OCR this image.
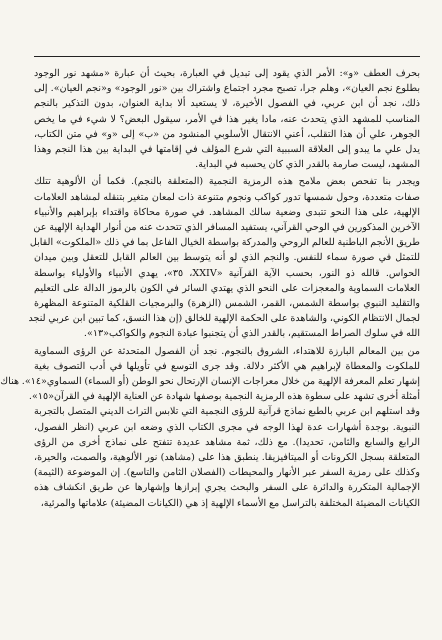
بحرف العطف «و»: الأمر الذي يقود إلى تبديل في العبارة، بحيث أن عبارة «مشهد نور الوجود
بطلوع نجم العيان»، وهلم جرا، تصبح مجرد اجتماع واشتراك بين «نور الوجود» و«نجم العيان». إلى
ذلك، نجد أن ابن عربي، في الفصول الأخيرة، لا يستعيد ألا بداية العنوان، بدون التذكير بالنجم
المناسب للمشهد الذي يتحدث عنه، مادا يغير هذا في الأمر، سيقول البعض؟ لا شيء في ما يخص
الجوهر، علي أن هذا التقلب، أعني الانتقال الأسلوبي المنشود من «ب» إلى «و» في متن الكتاب،
يدل علي ما يبدو إلى العلاقة السببية التي شرع المؤلف في إقامتها في البداية بين هذا النجم وهذا
المشهد، ليست صارمة بالقدر الذي كان يحسبه في البداية.
ويجدر بنا تفحص بعض ملامح هذه الرمزية النجمية (المتعلقة بالنجم). فكما أن الألوهية تتلك
صفات متعددة، وحول شمسها تدور كواكب ونجوم متنوعة ذات لمعان متغير بتنقله لمشاهد العلامات
الإلهية، على هذا النحو تتبدى وضعية سالك المشاهد. في صورة محاكاة واقتداء بإبراهيم والأنبياء
الآخرين المذكورين في الوحي القرآني، يستفيد المسافر الذي تتحدث عنه من أنوار الهداية الإلهية عن
طريق الأنجم الباطنية للعالم الروحي والمدركة بواسطة الخيال الفاعل بما في ذلك «الملكوت» القابل
للتمثل في صورة سماء للنفس. والنجم الذي لو أنه يتوسط بين العالم القابل للتعقل وبين ميدان
الحواس. قالله ذو النور، بحسب الآية القرآنية «XXIV، ٣٥»، يهدي الأنبياء والأولياء بواسطة
العلامات السماوية والمعجزات على النحو الذي يهتدي السائر في الكون بالرموز الدالة على التعليم
والتقليد النبوي بواسطة الشمس، القمر، الشمس (الزهرة) والبرمجيات القلكية المتنوعة المظهرة
لجمال الانتظام الكوني، والشاهدة على الحكمة الإلهية للخالق (إن هذا النسق، كما تبين ابن عربي لنجد
الله في سلوك الصراط المستقيم، بالقدر الذي أن يتجنبوا عبادة النجوم والكواكب«١٣».
من بين المعالم البارزة للاهتداء، الشروق بالنجوم. نجد أن الفصول المتحدثة عن الرؤى السماوية
للملكوت والمعطاة لإبراهيم هي الأكثر دلالة. وقد جرى التوسع في تأويلها في أدب التصوف بغية
إشهار تعلم المعرفة الإلهية من خلال معراجات الإنسان الإرتحال نحو الوطن (أو السماء) السماوي«١٤». هناك
أمثلة أخرى تشهد على سطوة هذه الرمزية النجمية بوصفها شهادة عن العناية الإلهية في القرآن«١٥».
وقد استلهم ابن عربي بالطبع نماذج قرآنية للرؤى النجمية التي تلابس التراث الديني المتصل بالتجربة
النبوية. بوجدة أشهارات عدة لهذا الوجه في مجرى الكتاب الذي وضعه ابن عربي (انظر الفصول،
الرابع والسابع والثامن، تحديدا). مع ذلك، ثمة مشاهد عديدة تتفتح على نماذج أخرى من الرؤى
المتعلقة بسجل الكرونات أو الميتافيزيقا. ينطبق هذا على (مشاهد) نور الألوهية، والصمت، والحيرة،
وكذلك على رمزية السفر عبر الأنهار والمحيطات (الفصلان الثامن والتاسع). إن الموضوعة (الثيمة)
الإجمالية المتكررة والدائرة على السفر والبحث يجري إبرازها وإشهارها عن طريق انكشاف هذه
الكيانات المضيئة المختلفة بالتراسل مع الأسماء الإلهية إذ هي (الكيانات المضيئة) علاماتها والمرئية،
